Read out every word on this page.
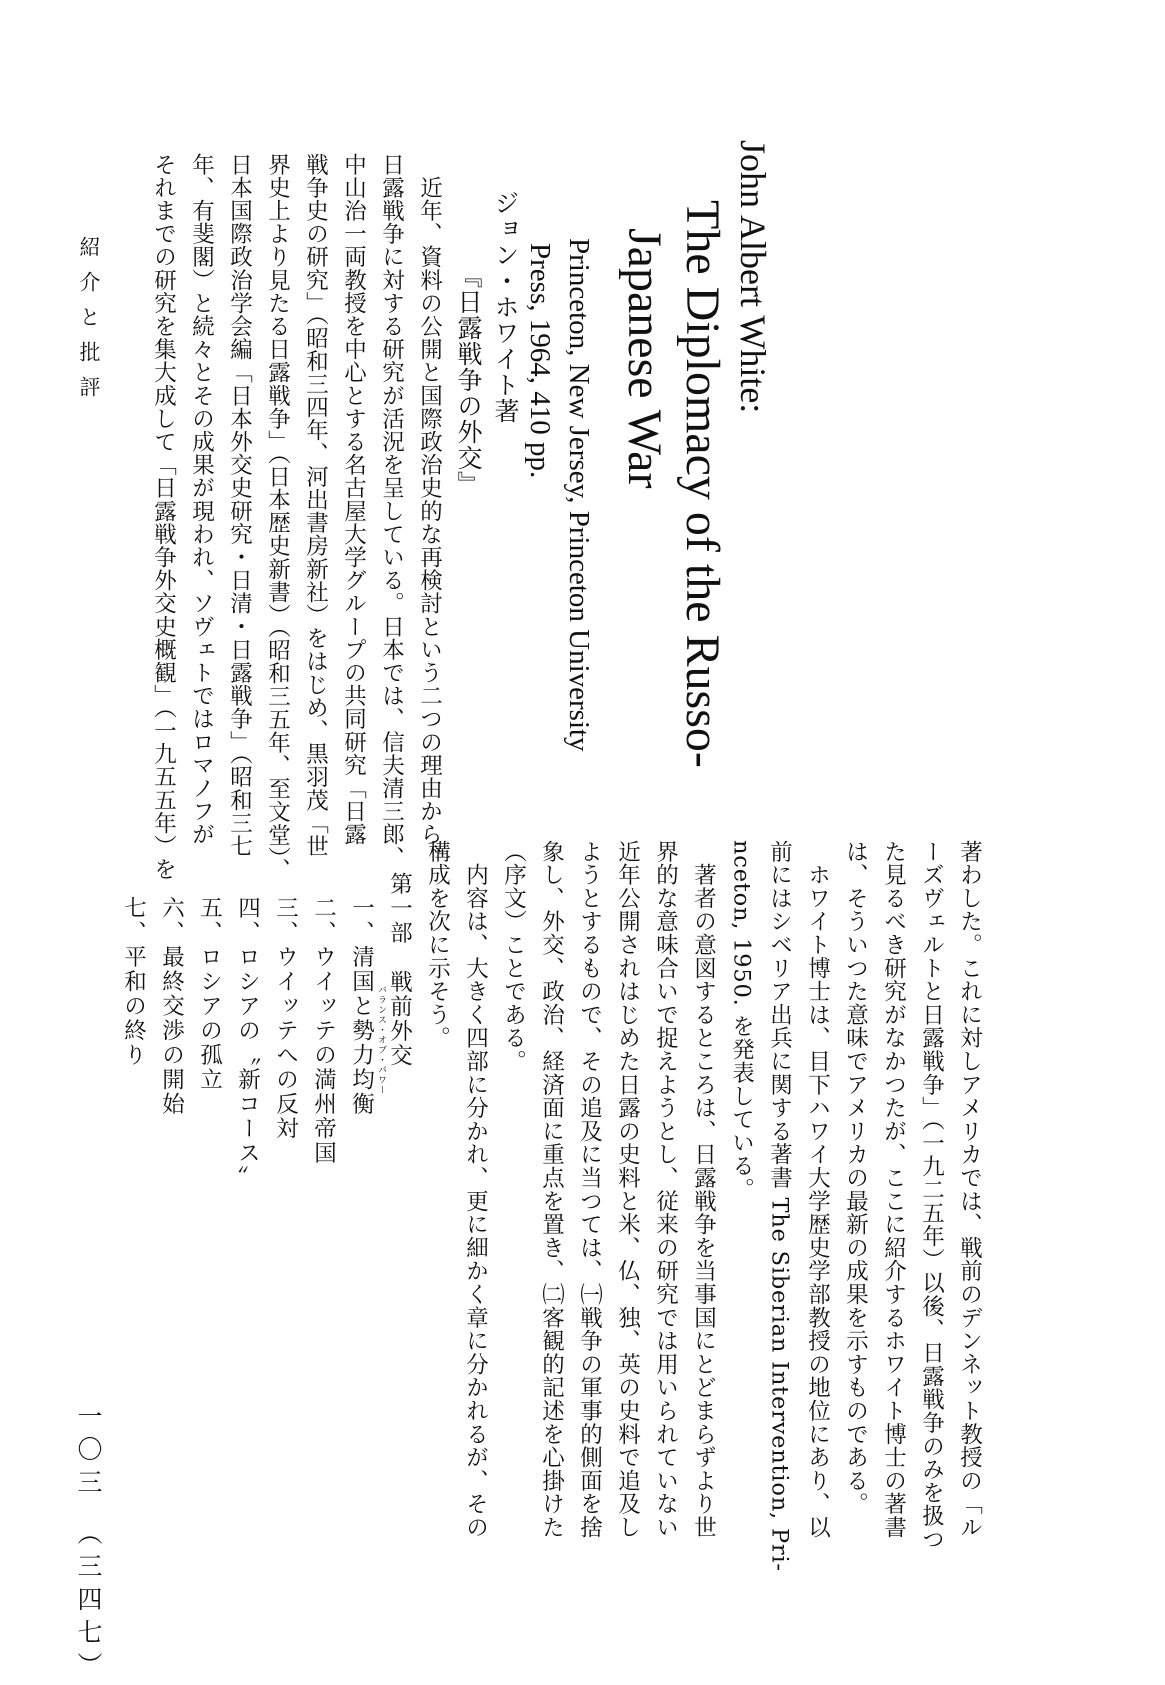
John Albert White:
The Diplomacy of the Russo-
Japanese War
Princeton, New Jersey, Princeton University
Press, 1964, 410 pp.
ジョン・ホワイト著
『日露戦争の外交』
　近年、資料の公開と国際政治史的な再検討という二つの理由から、
日露戦争に対する研究が活況を呈している。日本では、信夫清三郎、
中山治一両教授を中心とする名古屋大学グループの共同研究「日露
戦争史の研究」（昭和三四年、河出書房新社）をはじめ、黒羽茂「世
界史上より見たる日露戦争」（日本歴史新書）（昭和三五年、至文堂）、
日本国際政治学会編「日本外交史研究・日清・日露戦争」（昭和三七
年、有斐閣）と続々とその成果が現われ、ソヴェトではロマノフが
それまでの研究を集大成して「日露戦争外交史概観」（一九五五年）を
著わした。これに対しアメリカでは、戦前のデンネット教授の「ル
ーズヴェルトと日露戦争」（一九二五年）以後、日露戦争のみを扱つ
た見るべき研究がなかつたが、ここに紹介するホワイト博士の著書
は、そういつた意味でアメリカの最新の成果を示すものである。
　ホワイト博士は、目下ハワイ大学歴史学部教授の地位にあり、以
前にはシベリア出兵に関する著書 The Siberian Intervention, Pri-
nceton, 1950. を発表している。
　著者の意図するところは、日露戦争を当事国にとどまらずより世
界的な意味合いで捉えようとし、従来の研究では用いられていない
近年公開されはじめた日露の史料と米、仏、独、英の史料で追及し
ようとするもので、その追及に当つては、㈠戦争の軍事的側面を捨
象し、外交、政治、経済面に重点を置き、㈡客観的記述を心掛けた
（序文）ことである。
　内容は、大きく四部に分かれ、更に細かく章に分かれるが、その
構成を次に示そう。
第一部　戦前外交
バランス・オブ・パワー
一、清国と勢力均衡
二、ウイッテの満州帝国
三、ウイッテへの反対
四、ロシアの〝新コース〟
五、ロシアの孤立
六、最終交渉の開始
七、平和の終り
紹介と批評
一〇三
（三四七）
